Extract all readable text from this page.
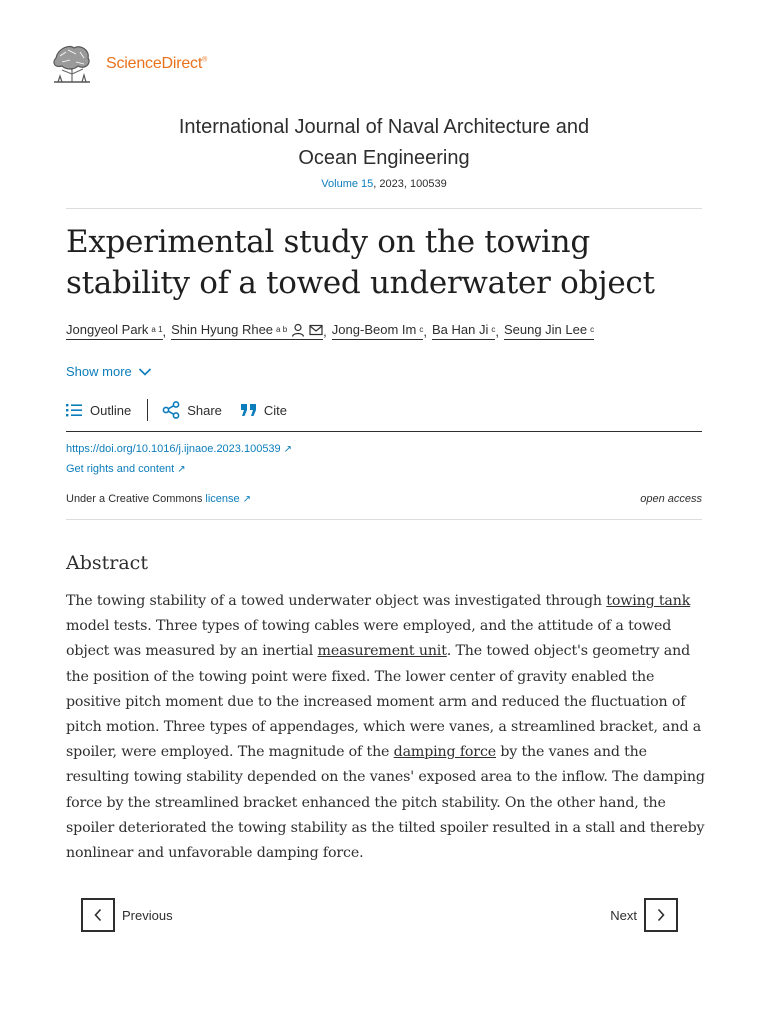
ScienceDirect®
International Journal of Naval Architecture and
Ocean Engineering
Volume 15, 2023, 100539
Experimental study on the towing stability of a towed underwater object
Jongyeol Park a 1 , Shin Hyung Rhee a b	, Jong-Beom Im c , Ba Han Ji c , Seung Jin Lee c
Show more
Outline	Share	Cite
https://doi.org/10.1016/j.ijnaoe.2023.100539 ↗
Get rights and content ↗
Under a Creative Commons license ↗	open access
Abstract

The towing stability of a towed underwater object was investigated through towing tank model tests. Three types of towing cables were employed, and the attitude of a towed object was measured by an inertial measurement unit. The towed object's geometry and the position of the towing point were fixed. The lower center of gravity enabled the positive pitch moment due to the increased moment arm and reduced the fluctuation of pitch motion. Three types of appendages, which were vanes, a streamlined bracket, and a spoiler, were employed. The magnitude of the damping force by the vanes and the resulting towing stability depended on the vanes' exposed area to the inflow. The damping force by the streamlined bracket enhanced the pitch stability. On the other hand, the spoiler deteriorated the towing stability as the tilted spoiler resulted in a stall and thereby nonlinear and unfavorable damping force.

Previous	Next
